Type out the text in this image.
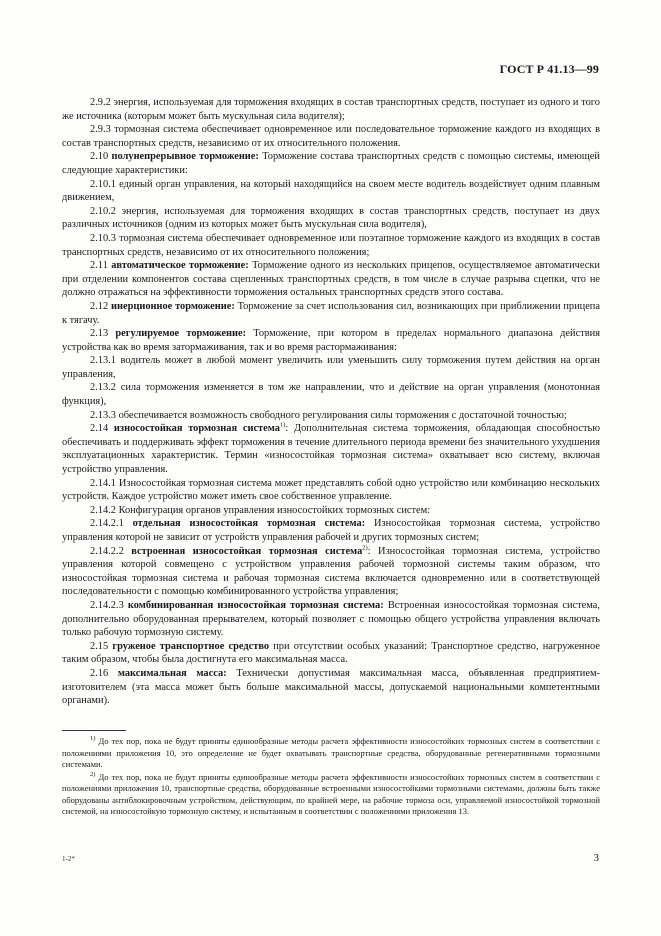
ГОСТ Р 41.13—99

2.9.2 энергия, используемая для торможения входящих в состав транспортных средств, поступает из одного и того же источника (которым может быть мускульная сила водителя);

2.9.3 тормозная система обеспечивает одновременное или последовательное торможение каждого из входящих в состав транспортных средств, независимо от их относительного положения.

2.10 полунепрерывное торможение: Торможение состава транспортных средств с помощью системы, имеющей следующие характеристики:

2.10.1 единый орган управления, на который находящийся на своем месте водитель воздействует одним плавным движением,

2.10.2 энергия, используемая для торможения входящих в состав транспортных средств, поступает из двух различных источников (одним из которых может быть мускульная сила водителя),

2.10.3 тормозная система обеспечивает одновременное или поэтапное торможение каждого из входящих в состав транспортных средств, независимо от их относительного положения;

2.11 автоматическое торможение: Торможение одного из нескольких прицепов, осуществляемое автоматически при отделении компонентов состава сцепленных транспортных средств, в том числе в случае разрыва сцепки, что не должно отражаться на эффективности торможения остальных транспортных средств этого состава.

2.12 инерционное торможение: Торможение за счет использования сил, возникающих при приближении прицепа к тягачу.

2.13 регулируемое торможение: Торможение, при котором в пределах нормального диапазона действия устройства как во время затормаживания, так и во время растормаживания:

2.13.1 водитель может в любой момент увеличить или уменьшить силу торможения путем действия на орган управления,

2.13.2 сила торможения изменяется в том же направлении, что и действие на орган управления (монотонная функция),

2.13.3 обеспечивается возможность свободного регулирования силы торможения с достаточной точностью;

2.14 износостойкая тормозная система$^{1)}$: Дополнительная система торможения, обладающая способностью обеспечивать и поддерживать эффект торможения в течение длительного периода времени без значительного ухудшения эксплуатационных характеристик. Термин «износостойкая тормозная система» охватывает всю систему, включая устройство управления.

2.14.1 Износостойкая тормозная система может представлять собой одно устройство или комбинацию нескольких устройств. Каждое устройство может иметь свое собственное управление.

2.14.2 Конфигурация органов управления износостойких тормозных систем:

2.14.2.1 отдельная износостойкая тормозная система: Износостойкая тормозная система, устройство управления которой не зависит от устройств управления рабочей и других тормозных систем;

2.14.2.2 встроенная износостойкая тормозная система$^{2)}$: Износостойкая тормозная система, устройство управления которой совмещено с устройством управления рабочей тормозной системы таким образом, что износостойкая тормозная система и рабочая тормозная система включается одновременно или в соответствующей последовательности с помощью комбинированного устройства управления;

2.14.2.3 комбинированная износостойкая тормозная система: Встроенная износостойкая тормозная система, дополнительно оборудованная прерывателем, который позволяет с помощью общего устройства управления включать только рабочую тормозную систему.

2.15 груженое транспортное средство при отсутствии особых указаний: Транспортное средство, нагруженное таким образом, чтобы была достигнута его максимальная масса.

2.16 максимальная масса: Технически допустимая максимальная масса, объявленная предприятием-изготовителем (эта масса может быть больше максимальной массы, допускаемой национальными компетентными органами).

$^{1)}$ До тех пор, пока не будут приняты единообразные методы расчета эффективности износостойких тормозных систем в соответствии с положениями приложения 10, это определение не будет охватывать транспортные средства, оборудованные регенеративными тормозными системами.

$^{2)}$ До тех пор, пока не будут приняты единообразные методы расчета эффективности износостойких тормозных систем в соответствии с положениями приложения 10, транспортные средства, оборудованные встроенными износостойкими тормозными системами, должны быть также оборудованы антиблокировочным устройством, действующим, по крайней мере, на рабочие тормоза оси, управляемой износостойкой тормозной системой, на износостойкую тормозную систему, и испытанным в соответствии с положениями приложения 13.

1-2*	3
